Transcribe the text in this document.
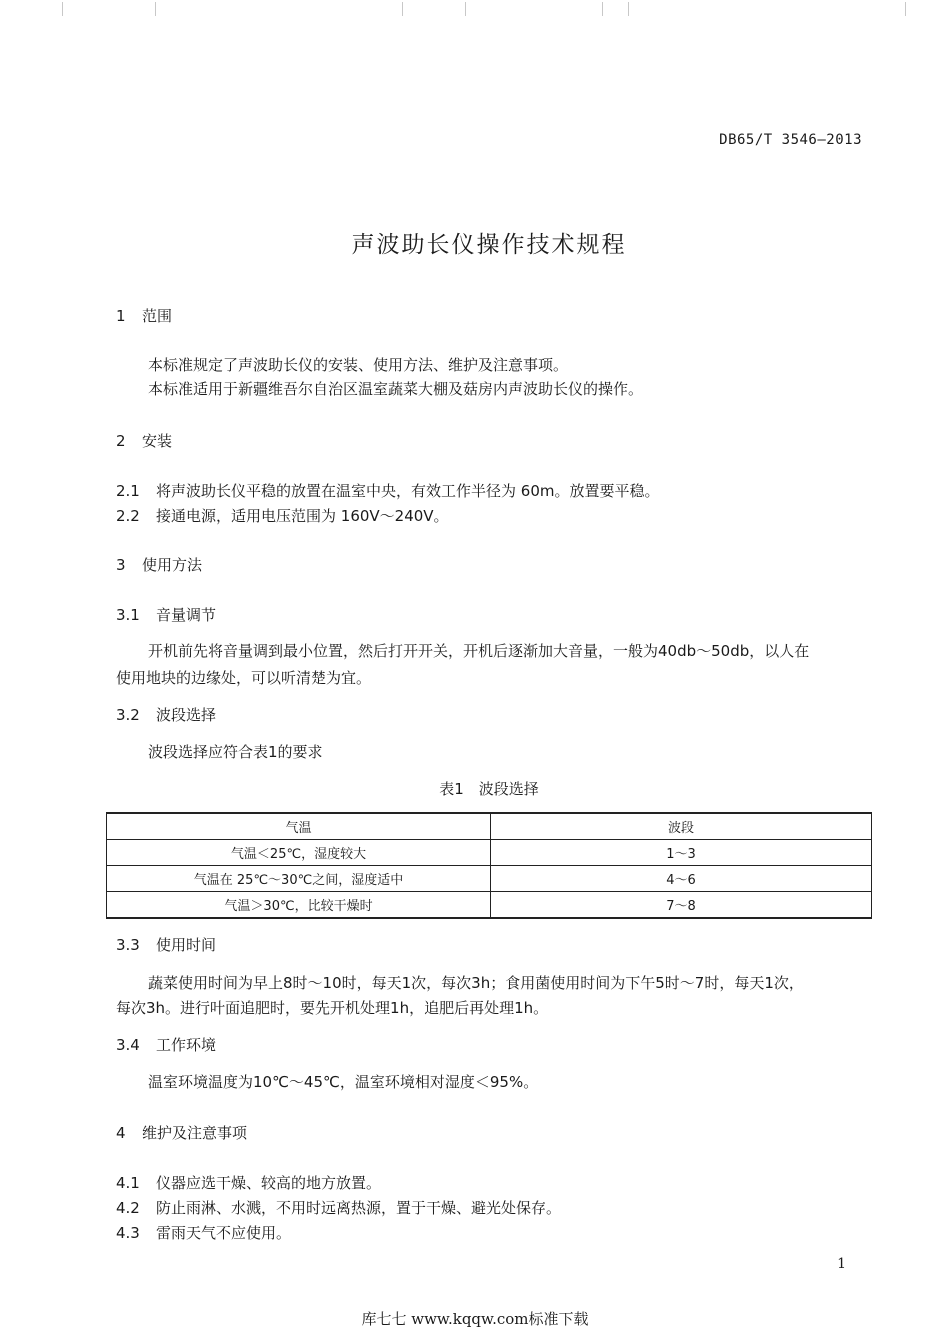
DB65/T 3546—2013
声波助长仪操作技术规程
1 范围
本标准规定了声波助长仪的安装、使用方法、维护及注意事项。
本标准适用于新疆维吾尔自治区温室蔬菜大棚及菇房内声波助长仪的操作。
2 安装
2.1 将声波助长仪平稳的放置在温室中央，有效工作半径为 60m。放置要平稳。
2.2 接通电源，适用电压范围为 160V～240V。
3 使用方法
3.1 音量调节
开机前先将音量调到最小位置，然后打开开关，开机后逐渐加大音量，一般为40db～50db，以人在
使用地块的边缘处，可以听清楚为宜。
3.2 波段选择
波段选择应符合表1的要求
表1　波段选择
气温	波段
气温＜25℃，湿度较大	1～3
气温在 25℃～30℃之间，湿度适中	4～6
气温＞30℃，比较干燥时	7～8
3.3 使用时间
蔬菜使用时间为早上8时～10时，每天1次，每次3h；食用菌使用时间为下午5时～7时，每天1次，
每次3h。进行叶面追肥时，要先开机处理1h，追肥后再处理1h。
3.4 工作环境
温室环境温度为10℃～45℃，温室环境相对湿度＜95%。
4 维护及注意事项
4.1 仪器应选干燥、较高的地方放置。
4.2 防止雨淋、水溅，不用时远离热源，置于干燥、避光处保存。
4.3 雷雨天气不应使用。
1
库七七 www.kqqw.com标准下载
